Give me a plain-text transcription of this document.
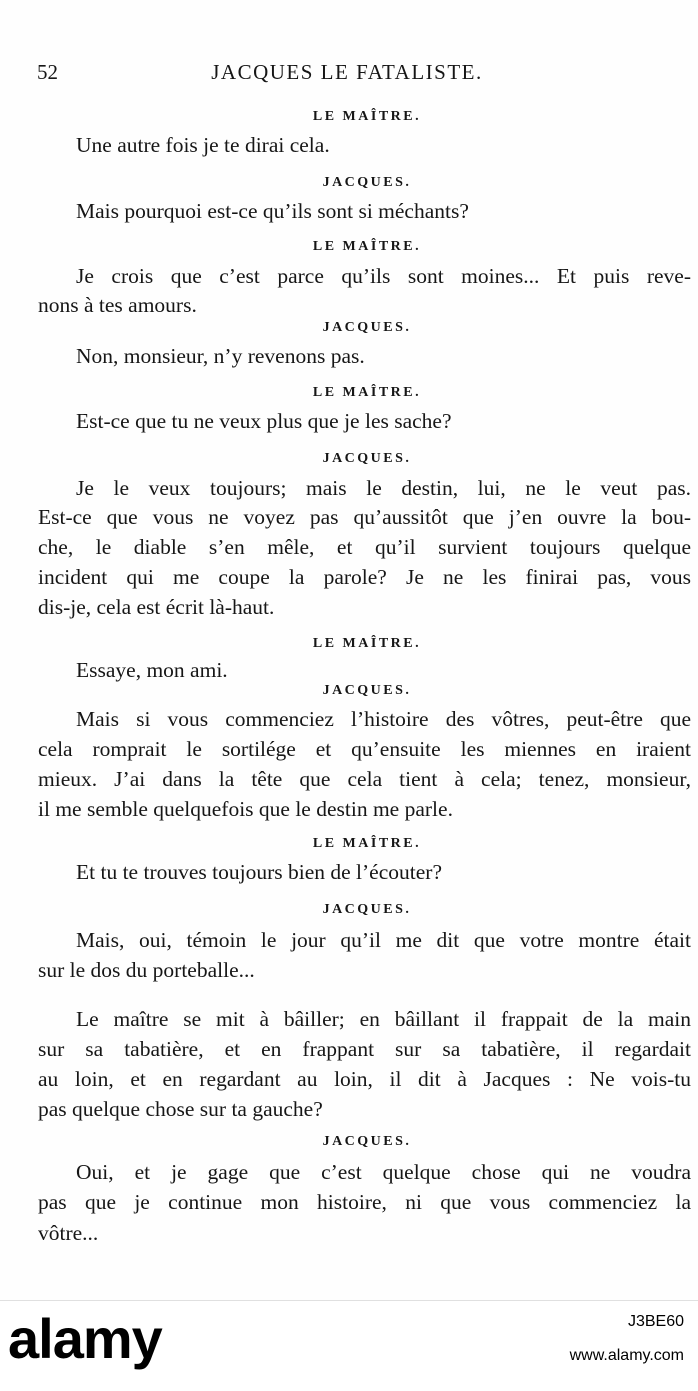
52	JACQUES LE FATALISTE.
LE MAÎTRE.
Une autre fois je te dirai cela.
JACQUES.
Mais pourquoi est-ce qu’ils sont si méchants?
LE MAÎTRE.
Je crois que c’est parce qu’ils sont moines... Et puis reve-
nons à tes amours.
JACQUES.
Non, monsieur, n’y revenons pas.
LE MAÎTRE.
Est-ce que tu ne veux plus que je les sache?
JACQUES.
Je le veux toujours; mais le destin, lui, ne le veut pas.
Est-ce que vous ne voyez pas qu’aussitôt que j’en ouvre la bou-
che, le diable s’en mêle, et qu’il survient toujours quelque
incident qui me coupe la parole? Je ne les finirai pas, vous
dis-je, cela est écrit là-haut.
LE MAÎTRE.
Essaye, mon ami.
JACQUES.
Mais si vous commenciez l’histoire des vôtres, peut-être que
cela romprait le sortilége et qu’ensuite les miennes en iraient
mieux. J’ai dans la tête que cela tient à cela; tenez, monsieur,
il me semble quelquefois que le destin me parle.
LE MAÎTRE.
Et tu te trouves toujours bien de l’écouter?
JACQUES.
Mais, oui, témoin le jour qu’il me dit que votre montre était
sur le dos du porteballe...
Le maître se mit à bâiller; en bâillant il frappait de la main
sur sa tabatière, et en frappant sur sa tabatière, il regardait
au loin, et en regardant au loin, il dit à Jacques : Ne vois-tu
pas quelque chose sur ta gauche?
JACQUES.
Oui, et je gage que c’est quelque chose qui ne voudra
pas que je continue mon histoire, ni que vous commenciez la
vôtre...
alamy	J3BE60
www.alamy.com
